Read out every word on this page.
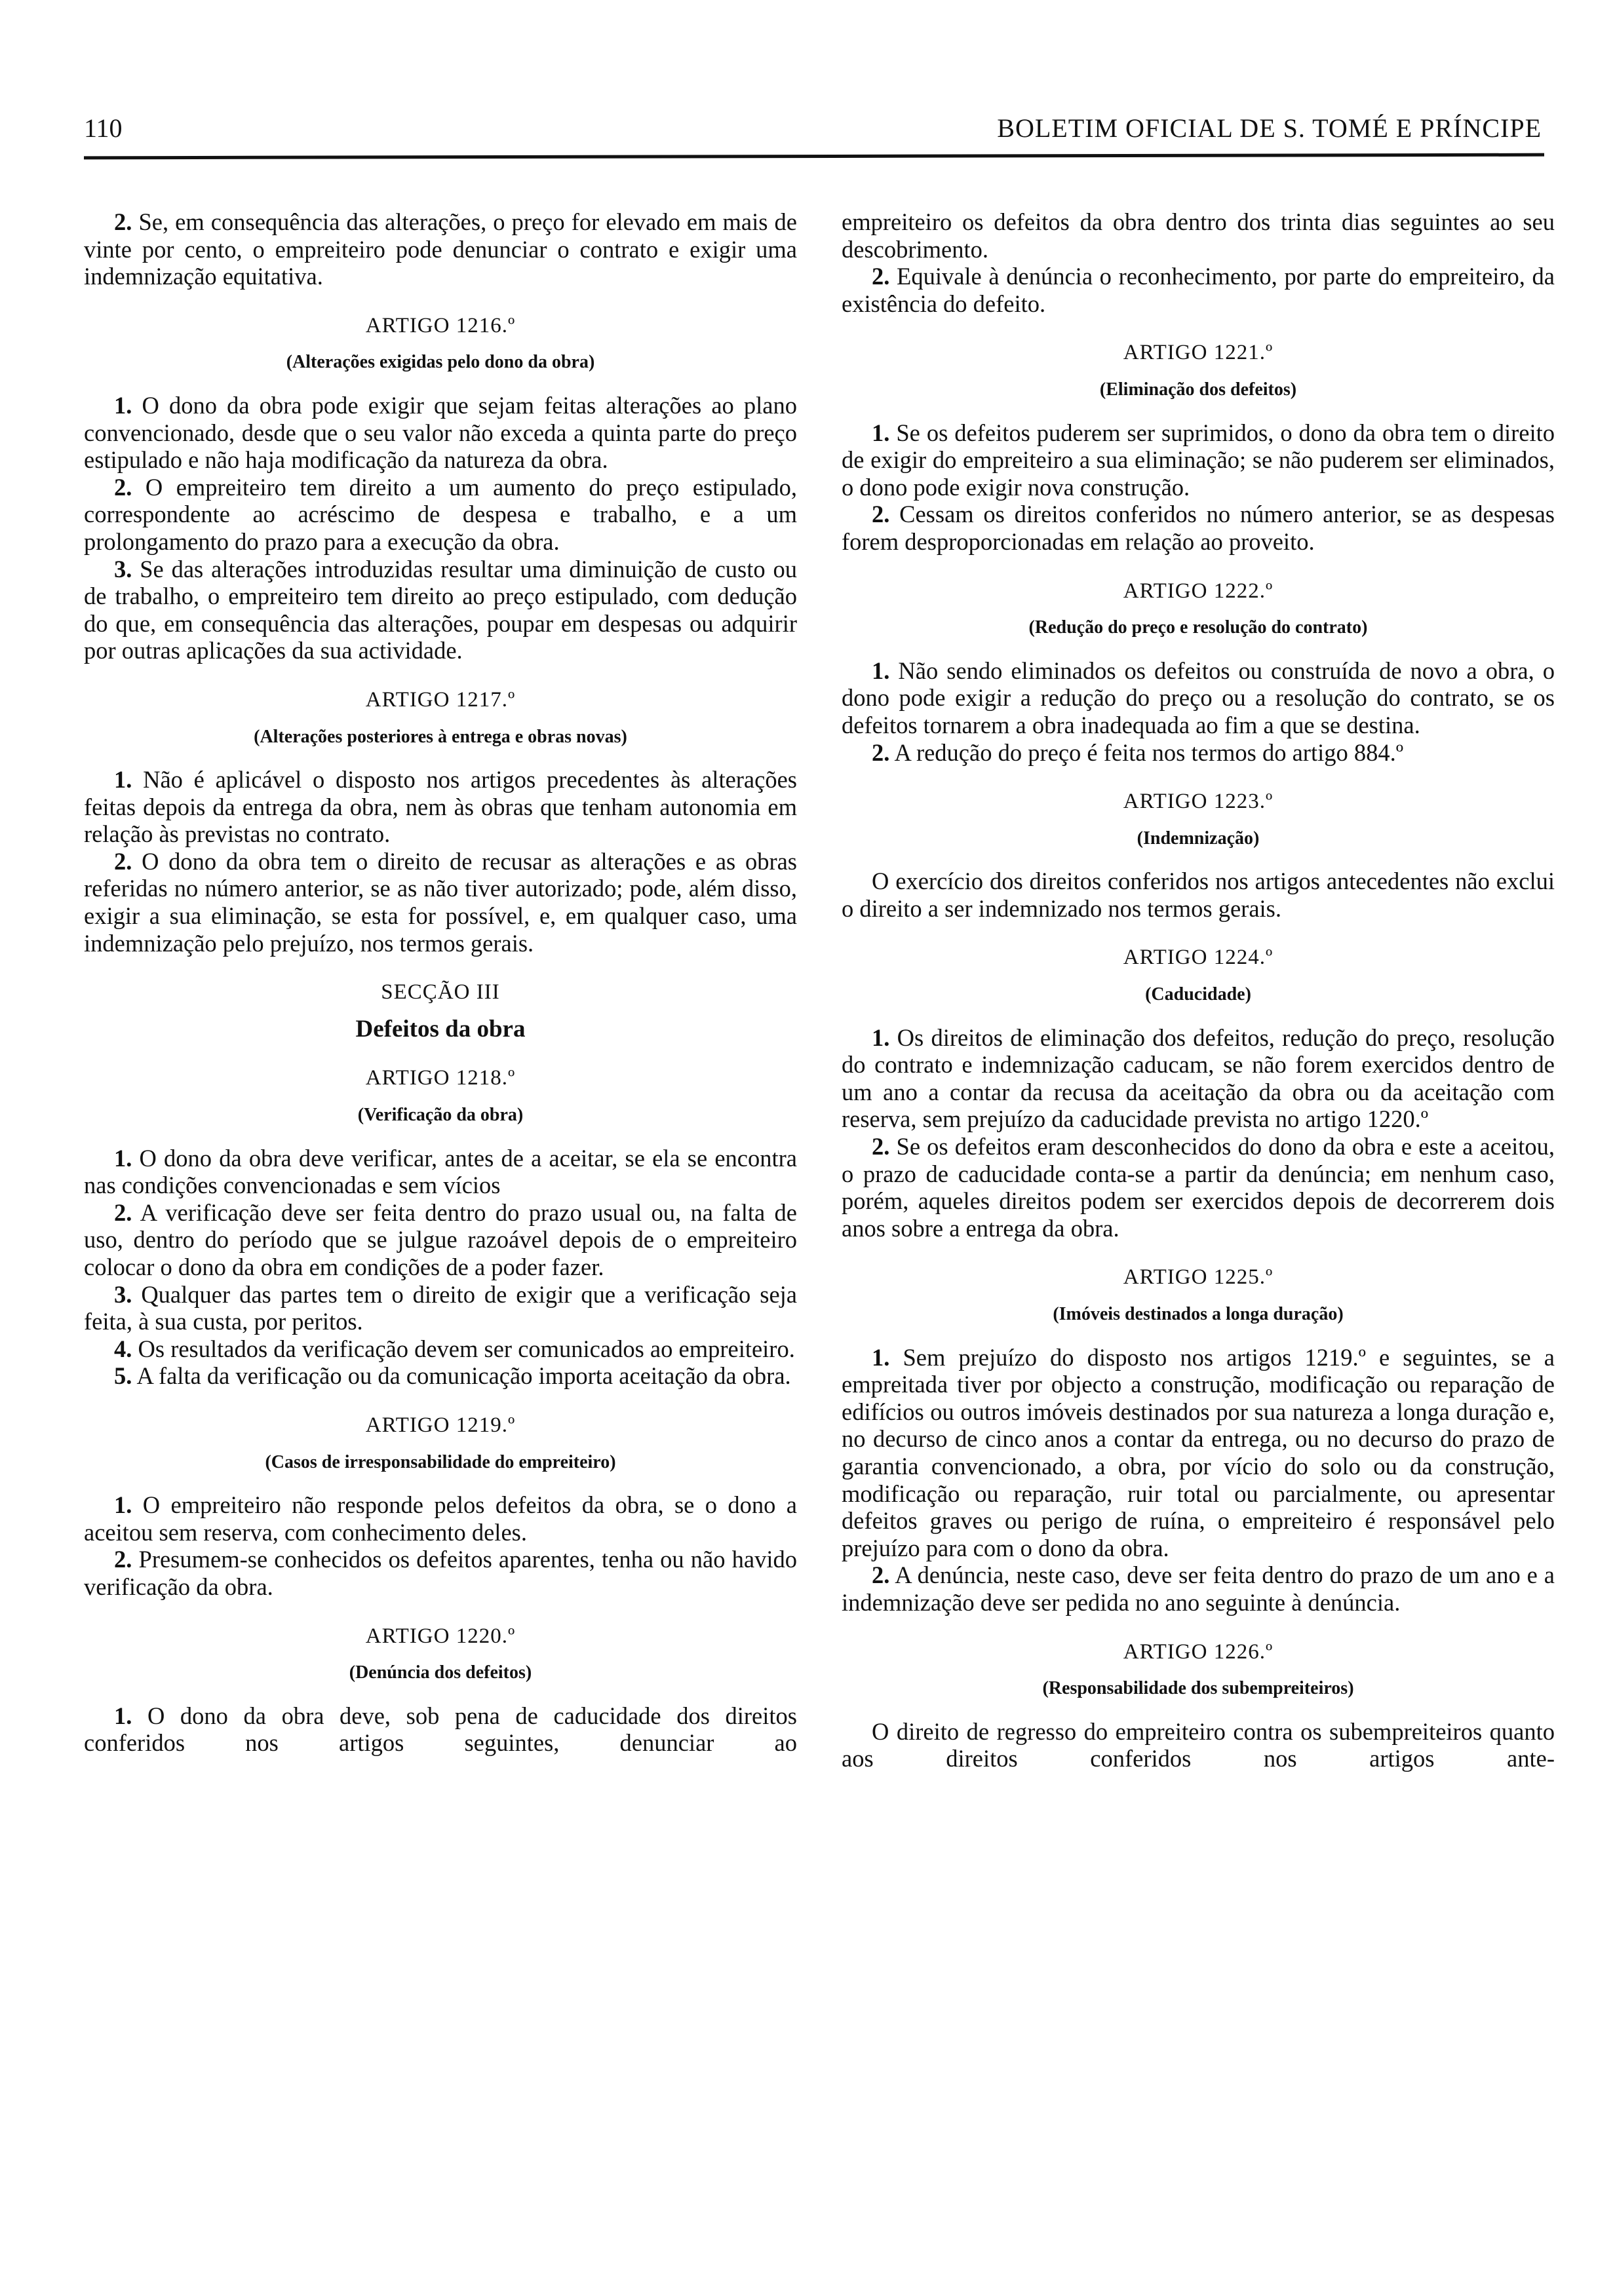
110	BOLETIM OFICIAL DE S. TOMÉ E PRÍNCIPE
2. Se, em consequência das alterações, o preço for elevado em mais de vinte por cento, o empreiteiro pode denunciar o contrato e exigir uma indemnização equitativa.
ARTIGO 1216.º
(Alterações exigidas pelo dono da obra)
1. O dono da obra pode exigir que sejam feitas alterações ao plano convencionado, desde que o seu valor não exceda a quinta parte do preço estipulado e não haja modificação da natureza da obra.
2. O empreiteiro tem direito a um aumento do preço estipulado, correspondente ao acréscimo de despesa e trabalho, e a um prolongamento do prazo para a execução da obra.
3. Se das alterações introduzidas resultar uma diminuição de custo ou de trabalho, o empreiteiro tem direito ao preço estipulado, com dedução do que, em consequência das alterações, poupar em despesas ou adquirir por outras aplicações da sua actividade.
ARTIGO 1217.º
(Alterações posteriores à entrega e obras novas)
1. Não é aplicável o disposto nos artigos precedentes às alterações feitas depois da entrega da obra, nem às obras que tenham autonomia em relação às previstas no contrato.
2. O dono da obra tem o direito de recusar as alterações e as obras referidas no número anterior, se as não tiver autorizado; pode, além disso, exigir a sua eliminação, se esta for possível, e, em qualquer caso, uma indemnização pelo prejuízo, nos termos gerais.
SECÇÃO III
Defeitos da obra
ARTIGO 1218.º
(Verificação da obra)
1. O dono da obra deve verificar, antes de a aceitar, se ela se encontra nas condições convencionadas e sem vícios
2. A verificação deve ser feita dentro do prazo usual ou, na falta de uso, dentro do período que se julgue razoável depois de o empreiteiro colocar o dono da obra em condições de a poder fazer.
3. Qualquer das partes tem o direito de exigir que a verificação seja feita, à sua custa, por peritos.
4. Os resultados da verificação devem ser comunicados ao empreiteiro.
5. A falta da verificação ou da comunicação importa aceitação da obra.
ARTIGO 1219.º
(Casos de irresponsabilidade do empreiteiro)
1. O empreiteiro não responde pelos defeitos da obra, se o dono a aceitou sem reserva, com conhecimento deles.
2. Presumem-se conhecidos os defeitos aparentes, tenha ou não havido verificação da obra.
ARTIGO 1220.º
(Denúncia dos defeitos)
1. O dono da obra deve, sob pena de caducidade dos direitos conferidos nos artigos seguintes, denunciar ao
empreiteiro os defeitos da obra dentro dos trinta dias seguintes ao seu descobrimento.
2. Equivale à denúncia o reconhecimento, por parte do empreiteiro, da existência do defeito.
ARTIGO 1221.º
(Eliminação dos defeitos)
1. Se os defeitos puderem ser suprimidos, o dono da obra tem o direito de exigir do empreiteiro a sua eliminação; se não puderem ser eliminados, o dono pode exigir nova construção.
2. Cessam os direitos conferidos no número anterior, se as despesas forem desproporcionadas em relação ao proveito.
ARTIGO 1222.º
(Redução do preço e resolução do contrato)
1. Não sendo eliminados os defeitos ou construída de novo a obra, o dono pode exigir a redução do preço ou a resolução do contrato, se os defeitos tornarem a obra inadequada ao fim a que se destina.
2. A redução do preço é feita nos termos do artigo 884.º
ARTIGO 1223.º
(Indemnização)
O exercício dos direitos conferidos nos artigos antecedentes não exclui o direito a ser indemnizado nos termos gerais.
ARTIGO 1224.º
(Caducidade)
1. Os direitos de eliminação dos defeitos, redução do preço, resolução do contrato e indemnização caducam, se não forem exercidos dentro de um ano a contar da recusa da aceitação da obra ou da aceitação com reserva, sem prejuízo da caducidade prevista no artigo 1220.º
2. Se os defeitos eram desconhecidos do dono da obra e este a aceitou, o prazo de caducidade conta-se a partir da denúncia; em nenhum caso, porém, aqueles direitos podem ser exercidos depois de decorrerem dois anos sobre a entrega da obra.
ARTIGO 1225.º
(Imóveis destinados a longa duração)
1. Sem prejuízo do disposto nos artigos 1219.º e seguintes, se a empreitada tiver por objecto a construção, modificação ou reparação de edifícios ou outros imóveis destinados por sua natureza a longa duração e, no decurso de cinco anos a contar da entrega, ou no decurso do prazo de garantia convencionado, a obra, por vício do solo ou da construção, modificação ou reparação, ruir total ou parcialmente, ou apresentar defeitos graves ou perigo de ruína, o empreiteiro é responsável pelo prejuízo para com o dono da obra.
2. A denúncia, neste caso, deve ser feita dentro do prazo de um ano e a indemnização deve ser pedida no ano seguinte à denúncia.
ARTIGO 1226.º
(Responsabilidade dos subempreiteiros)
O direito de regresso do empreiteiro contra os subempreiteiros quanto aos direitos conferidos nos artigos ante-
